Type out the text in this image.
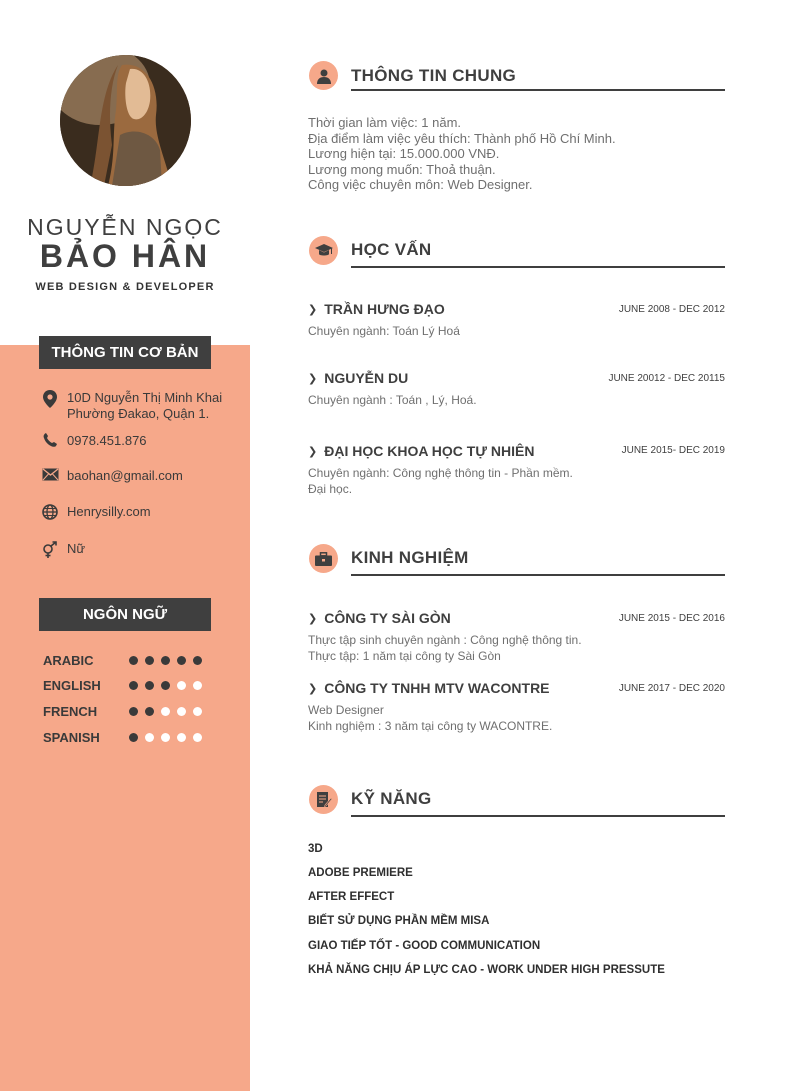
NGUYỄN NGỌC
BẢO HÂN
WEB DESIGN & DEVELOPER
THÔNG TIN CƠ BẢN
10D Nguyễn Thị Minh Khai
Phường Đakao, Quận 1.
0978.451.876
baohan@gmail.com
Henrysilly.com
Nữ
NGÔN NGỮ
ARABIC
ENGLISH
FRENCH
SPANISH
THÔNG TIN CHUNG
Thời gian làm việc: 1 năm.
Địa điểm làm việc yêu thích: Thành phố Hồ Chí Minh.
Lương hiện tại: 15.000.000 VNĐ.
Lương mong muốn: Thoả thuận.
Công việc chuyên môn: Web Designer.
HỌC VẤN
❯ TRẦN HƯNG ĐẠO	JUNE 2008 - DEC 2012
Chuyên ngành: Toán Lý Hoá
❯ NGUYỄN DU	JUNE 20012 - DEC 20115
Chuyên ngành : Toán , Lý, Hoá.
❯ ĐẠI HỌC KHOA HỌC TỰ NHIÊN	JUNE 2015- DEC 2019
Chuyên ngành: Công nghệ thông tin - Phần mềm.
Đại học.
KINH NGHIỆM
❯ CÔNG TY SÀI GÒN	JUNE 2015 - DEC 2016
Thực tập sinh chuyên ngành : Công nghệ thông tin.
Thực tập: 1 năm tại công ty Sài Gòn
❯ CÔNG TY TNHH MTV WACONTRE	JUNE 2017 - DEC 2020
Web Designer
Kinh nghiệm : 3 năm tại công ty WACONTRE.
KỸ NĂNG
3D
ADOBE PREMIERE
AFTER EFFECT
BIẾT SỬ DỤNG PHẦN MỀM MISA
GIAO TIẾP TỐT - GOOD COMMUNICATION
KHẢ NĂNG CHỊU ÁP LỰC CAO - WORK UNDER HIGH PRESSUTE
